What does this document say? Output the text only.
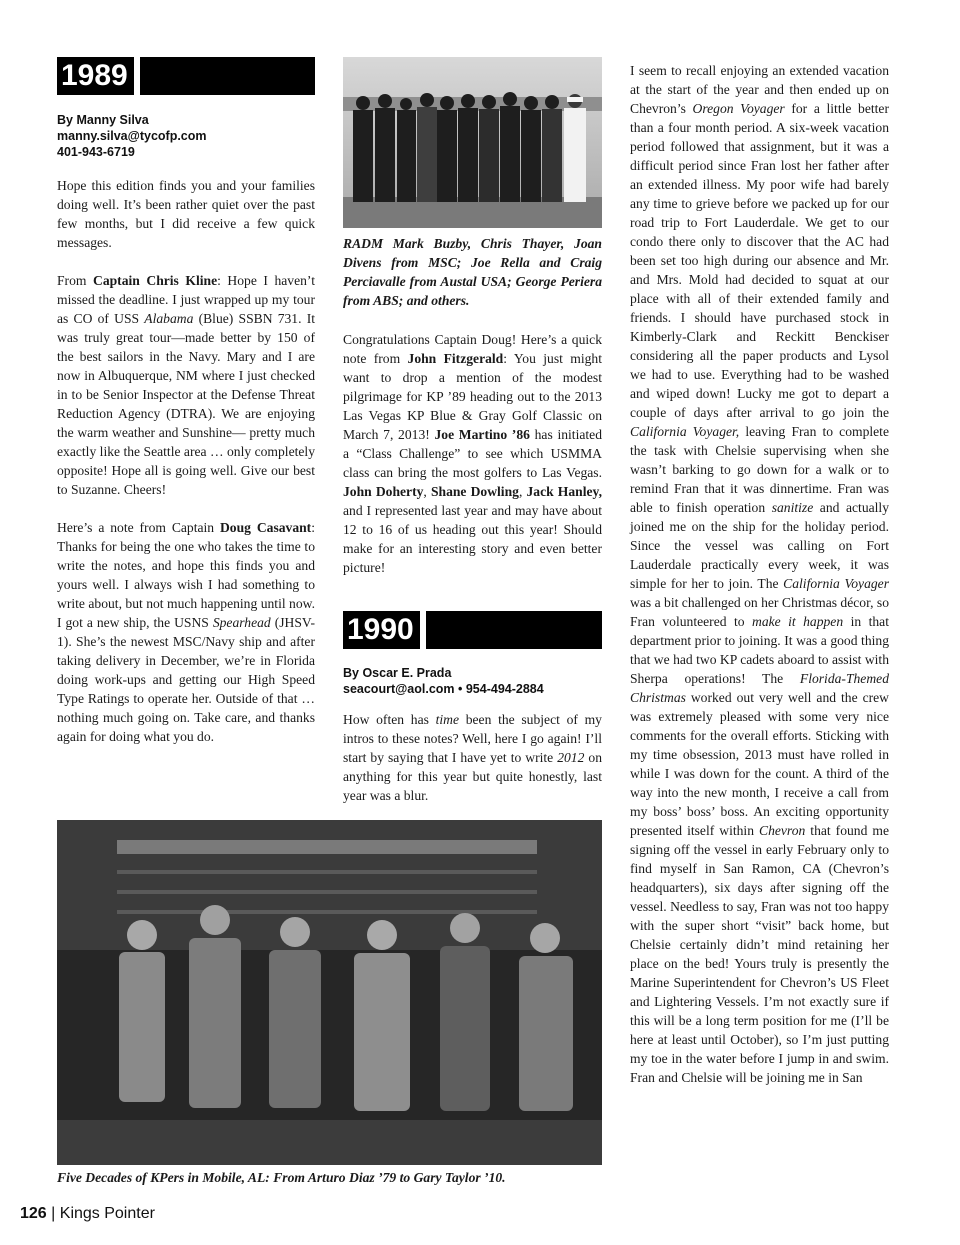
1989
By Manny Silva
manny.silva@tycofp.com
401-943-6719

Hope this edition finds you and your families doing well. It’s been rather quiet over the past few months, but I did receive a few quick messages.

From Captain Chris Kline: Hope I haven’t missed the deadline. I just wrapped up my tour as CO of USS Alabama (Blue) SSBN 731. It was truly great tour—made better by 150 of the best sailors in the Navy. Mary and I are now in Albuquerque, NM where I just checked in to be Senior Inspector at the Defense Threat Reduction Agency (DTRA). We are enjoying the warm weather and Sunshine— pretty much exactly like the Seattle area … only completely opposite! Hope all is going well. Give our best to Suzanne. Cheers!

Here’s a note from Captain Doug Casavant: Thanks for being the one who takes the time to write the notes, and hope this finds you and yours well. I always wish I had something to write about, but not much happening until now. I got a new ship, the USNS Spearhead (JHSV-1). She’s the newest MSC/Navy ship and after taking delivery in December, we’re in Florida doing work-ups and getting our High Speed Type Ratings to operate her. Outside of that … nothing much going on. Take care, and thanks again for doing what you do.

RADM Mark Buzby, Chris Thayer, Joan Divens from MSC; Joe Rella and Craig Perciavalle from Austal USA; George Periera from ABS; and others.

Congratulations Captain Doug! Here’s a quick note from John Fitzgerald: You just might want to drop a mention of the modest pilgrimage for KP ’89 heading out to the 2013 Las Vegas KP Blue & Gray Golf Classic on March 7, 2013! Joe Martino ’86 has initiated a “Class Challenge” to see which USMMA class can bring the most golfers to Las Vegas. John Doherty, Shane Dowling, Jack Hanley, and I represented last year and may have about 12 to 16 of us heading out this year! Should make for an interesting story and even better picture!

1990
By Oscar E. Prada
seacourt@aol.com • 954-494-2884

How often has time been the subject of my intros to these notes? Well, here I go again! I’ll start by saying that I have yet to write 2012 on anything for this year but quite honestly, last year was a blur.

I seem to recall enjoying an extended vacation at the start of the year and then ended up on Chevron’s Oregon Voyager for a little better than a four month period. A six-week vacation period followed that assignment, but it was a difficult period since Fran lost her father after an extended illness. My poor wife had barely any time to grieve before we packed up for our road trip to Fort Lauderdale. We get to our condo there only to discover that the AC had been set too high during our absence and Mr. and Mrs. Mold had decided to squat at our place with all of their extended family and friends. I should have purchased stock in Kimberly-Clark and Reckitt Benckiser considering all the paper products and Lysol we had to use. Everything had to be washed and wiped down! Lucky me got to depart a couple of days after arrival to go join the California Voyager, leaving Fran to complete the task with Chelsie supervising when she wasn’t barking to go down for a walk or to remind Fran that it was dinnertime. Fran was able to finish operation sanitize and actually joined me on the ship for the holiday period. Since the vessel was calling on Fort Lauderdale practically every week, it was simple for her to join. The California Voyager was a bit challenged on her Christmas décor, so Fran volunteered to make it happen in that department prior to joining. It was a good thing that we had two KP cadets aboard to assist with Sherpa operations! The Florida-Themed Christmas worked out very well and the crew was extremely pleased with some very nice comments for the overall efforts. Sticking with my time obsession, 2013 must have rolled in while I was down for the count. A third of the way into the new month, I receive a call from my boss’ boss’ boss. An exciting opportunity presented itself within Chevron that found me signing off the vessel in early February only to find myself in San Ramon, CA (Chevron’s headquarters), six days after signing off the vessel. Needless to say, Fran was not too happy with the super short “visit” back home, but Chelsie certainly didn’t mind retaining her place on the bed! Yours truly is presently the Marine Superintendent for Chevron’s US Fleet and Lightering Vessels. I’m not exactly sure if this will be a long term position for me (I’ll be here at least until October), so I’m just putting my toe in the water before I jump in and swim. Fran and Chelsie will be joining me in San

Five Decades of KPers in Mobile, AL: From Arturo Diaz ’79 to Gary Taylor ’10.
126 | Kings Pointer
